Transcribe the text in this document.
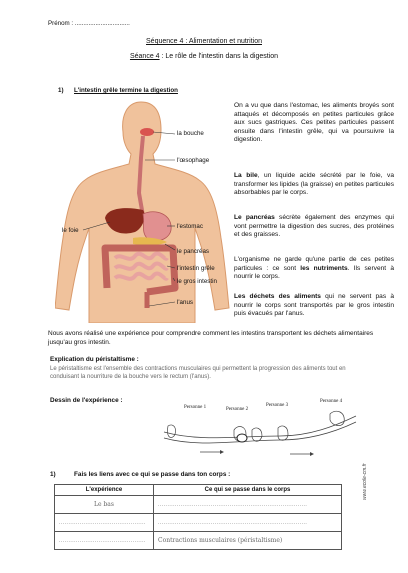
Prénom : ................................
Séquence 4 : Alimentation et nutrition
Séance 4 : Le rôle de l'intestin dans la digestion
1) L'intestin grêle termine la digestion
la bouche
l'œsophage
l'estomac
le foie
le pancréas
l'intestin grêle
le gros intestin
l'anus
On a vu que dans l'estomac, les aliments broyés sont attaqués et décomposés en petites particules grâce aux sucs gastriques. Ces petites particules passent ensuite dans l'intestin grêle, qui va poursuivre la digestion.
La bile, un liquide acide sécrété par le foie, va transformer les lipides (la graisse) en petites particules absorbables par le corps.
Le pancréas sécrète également des enzymes qui vont permettre la digestion des sucres, des protéines et des graisses.
L'organisme ne garde qu'une partie de ces petites particules : ce sont les nutriments. Ils servent à nourrir le corps.
Les déchets des aliments qui ne servent pas à nourrir le corps sont transportés par le gros intestin puis évacués par l'anus.
Nous avons réalisé une expérience pour comprendre comment les intestins transportent les déchets alimentaires jusqu'au gros intestin.
Explication du péristaltisme :
Le péristaltisme est l'ensemble des contractions musculaires qui permettent la progression des aliments tout en conduisant la nourriture de la bouche vers le rectum (l'anus).
Dessin de l'expérience :
Personne 1	Personne 2
Personne 3
Personne 4
1)	Fais les liens avec ce qui se passe dans ton corps :
L'expérience	Ce qui se passe dans le corps
Le bas	...............................................................................
..............................................	...............................................................................
..............................................	Contractions musculaires (péristaltisme)
www.ecole-cm.fr
